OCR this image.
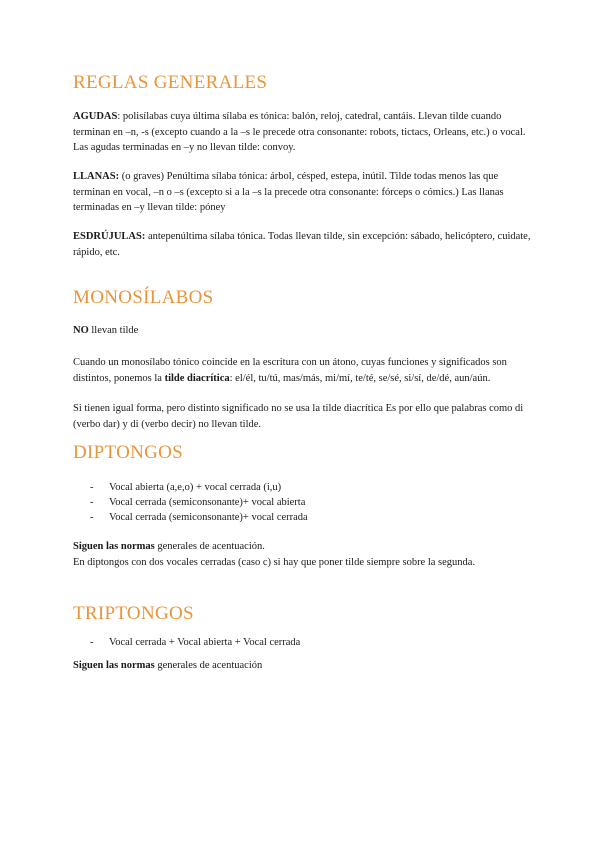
REGLAS GENERALES

AGUDAS: polisílabas cuya última sílaba es tónica: balón, reloj, catedral, cantáis. Llevan tilde cuando terminan en –n, -s (excepto cuando a la –s le precede otra consonante: robots, tictacs, Orleans, etc.) o vocal. Las agudas terminadas en –y no llevan tilde: convoy.

LLANAS: (o graves) Penúltima sílaba tónica: árbol, césped, estepa, inútil. Tilde todas menos las que terminan en vocal, –n o –s (excepto si a la –s la precede otra consonante: fórceps o cómics.) Las llanas terminadas en –y llevan tilde: póney

ESDRÚJULAS: antepenúltima sílaba tónica. Todas llevan tilde, sin excepción: sábado, helicóptero, cuidate, rápido, etc.

MONOSÍLABOS

NO llevan tilde

Cuando un monosílabo tónico coincide en la escritura con un átono, cuyas funciones y significados son distintos, ponemos la tilde diacrítica: el/él, tu/tú, mas/más, mi/mí, te/té, se/sé, si/sí, de/dé, aun/aún.

Si tienen igual forma, pero distinto significado no se usa la tilde diacrítica Es por ello que palabras como di (verbo dar) y di (verbo decir) no llevan tilde.

DIPTONGOS

- Vocal abierta (a,e,o) + vocal cerrada (i,u)

- Vocal cerrada (semiconsonante)+ vocal abierta

- Vocal cerrada (semiconsonante)+ vocal cerrada

Siguen las normas generales de acentuación.

En diptongos con dos vocales cerradas (caso c) si hay que poner tilde siempre sobre la segunda.

TRIPTONGOS

- Vocal cerrada + Vocal abierta + Vocal cerrada

Siguen las normas generales de acentuación
